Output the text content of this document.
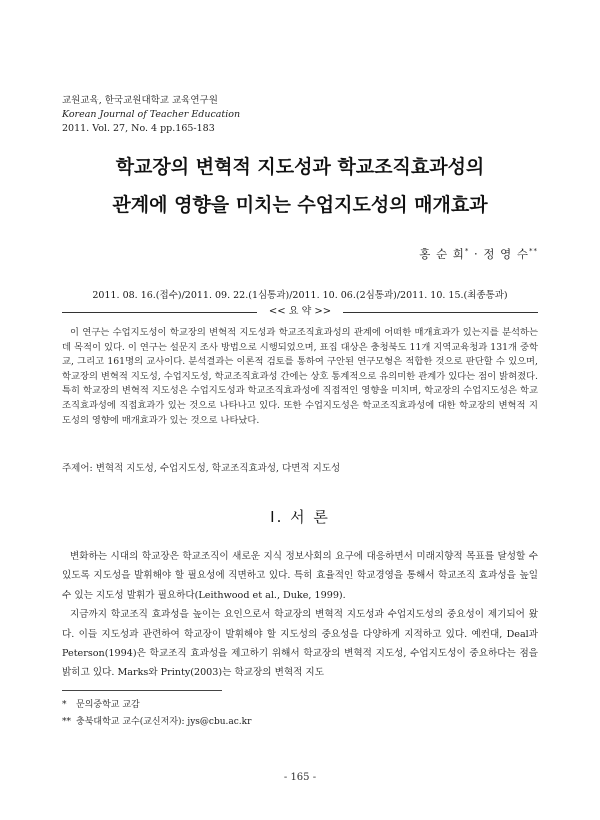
교원교육, 한국교원대학교 교육연구원
Korean Journal of Teacher Education
2011. Vol. 27, No. 4 pp.165-183
학교장의 변혁적 지도성과 학교조직효과성의
관계에 영향을 미치는 수업지도성의 매개효과
홍 순 희* · 정 영 수**
2011. 08. 16.(접수)/2011. 09. 22.(1심통과)/2011. 10. 06.(2심통과)/2011. 10. 15.(최종통과)
<< 요 약 >>
이 연구는 수업지도성이 학교장의 변혁적 지도성과 학교조직효과성의 관계에 어떠한 매개효과가 있는지를 분석하는 데 목적이 있다. 이 연구는 설문지 조사 방법으로 시행되었으며, 표집 대상은 충청북도 11개 지역교육청과 131개 중학교, 그리고 161명의 교사이다. 분석결과는 이론적 검토를 통하여 구안된 연구모형은 적합한 것으로 판단할 수 있으며, 학교장의 변혁적 지도성, 수업지도성, 학교조직효과성 간에는 상호 통계적으로 유의미한 관계가 있다는 점이 밝혀졌다. 특히 학교장의 변혁적 지도성은 수업지도성과 학교조직효과성에 직접적인 영향을 미치며, 학교장의 수업지도성은 학교조직효과성에 직접효과가 있는 것으로 나타나고 있다. 또한 수업지도성은 학교조직효과성에 대한 학교장의 변혁적 지도성의 영향에 매개효과가 있는 것으로 나타났다.
주제어: 변혁적 지도성, 수업지도성, 학교조직효과성, 다면적 지도성
Ⅰ. 서 론

변화하는 시대의 학교장은 학교조직이 새로운 지식 정보사회의 요구에 대응하면서 미래지향적 목표를 달성할 수 있도록 지도성을 발휘해야 할 필요성에 직면하고 있다. 특히 효율적인 학교경영을 통해서 학교조직 효과성을 높일 수 있는 지도성 발휘가 필요하다(Leithwood et al., Duke, 1999).

지금까지 학교조직 효과성을 높이는 요인으로서 학교장의 변혁적 지도성과 수업지도성의 중요성이 제기되어 왔다. 이들 지도성과 관련하여 학교장이 발휘해야 할 지도성의 중요성을 다양하게 지적하고 있다. 예컨대, Deal과 Peterson(1994)은 학교조직 효과성을 제고하기 위해서 학교장의 변혁적 지도성, 수업지도성이 중요하다는 점을 밝히고 있다. Marks와 Printy(2003)는 학교장의 변혁적 지도

* 문의중학교 교감
** 충북대학교 교수(교신저자): jys@cbu.ac.kr
- 165 -
